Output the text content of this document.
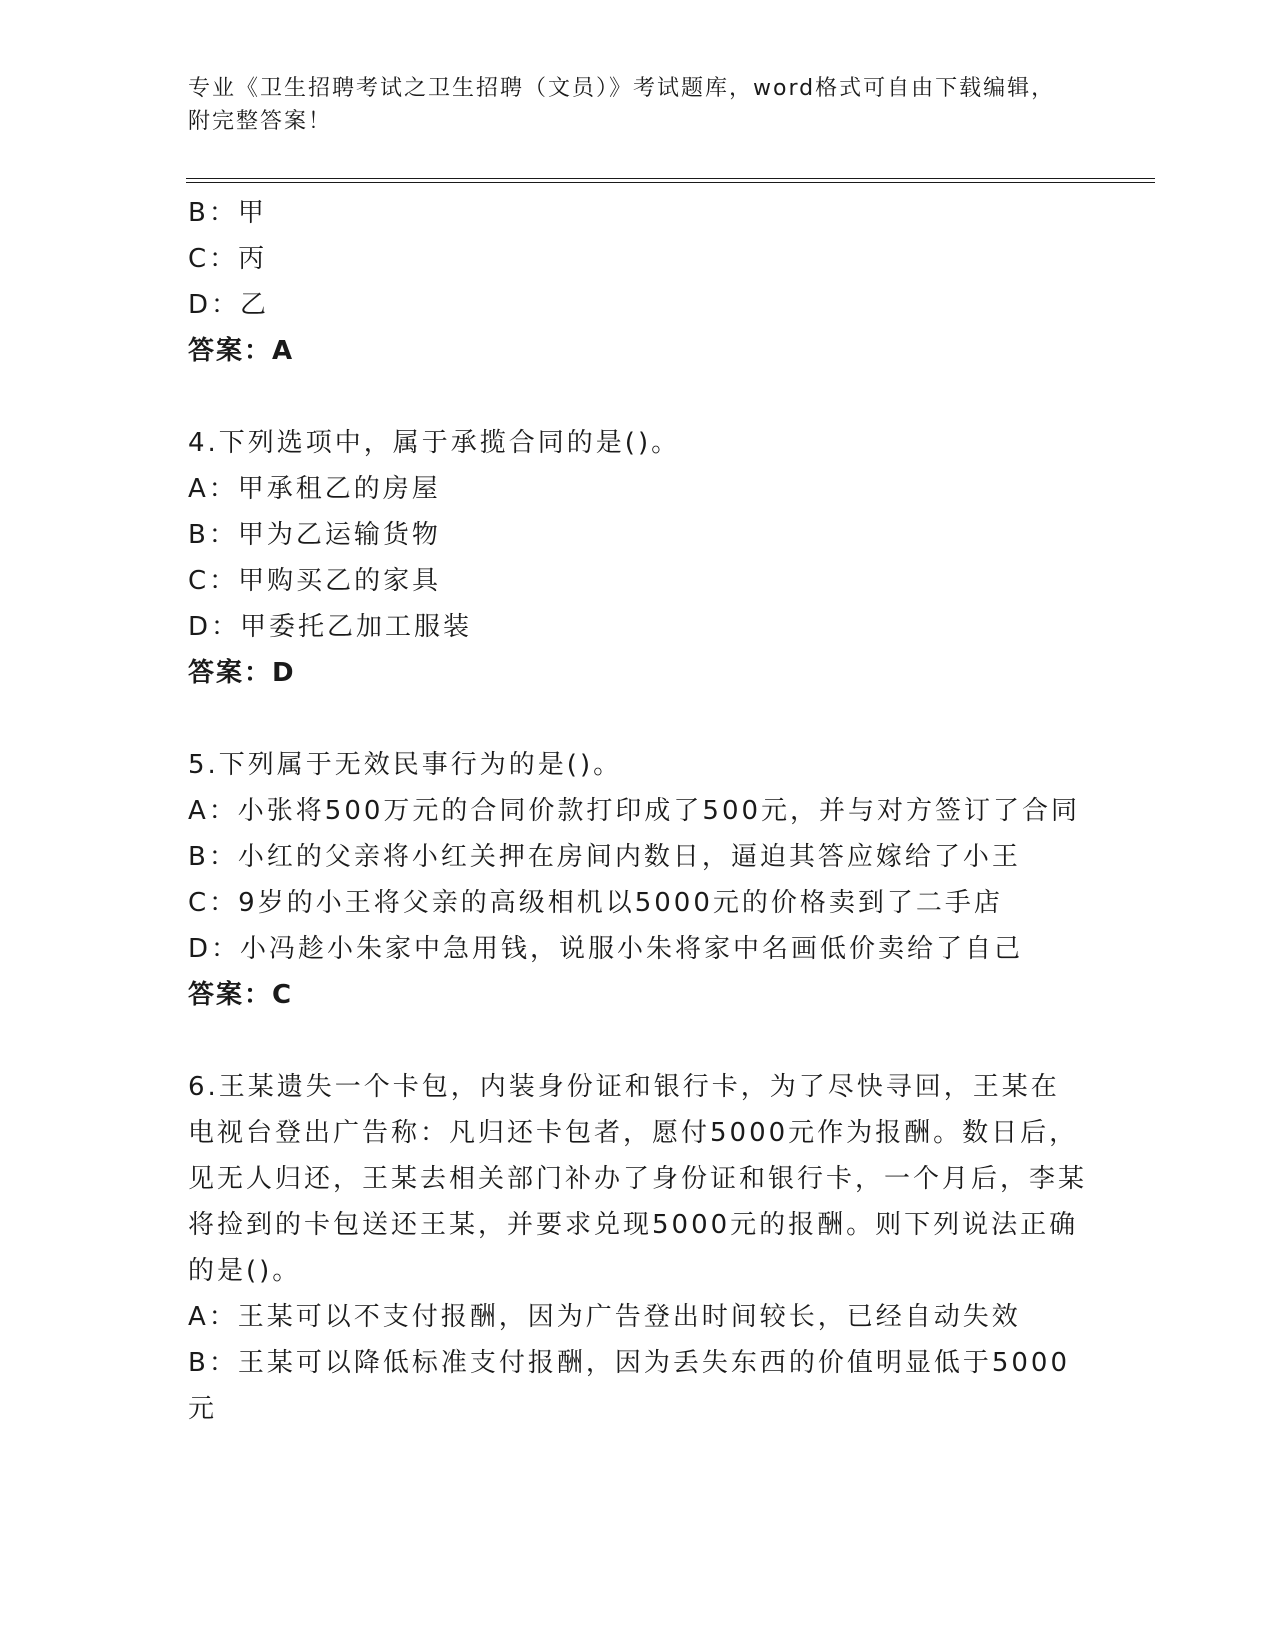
专业《卫生招聘考试之卫生招聘（文员）》考试题库，word格式可自由下载编辑，附完整答案！
B：甲
C：丙
D：乙
答案：A
4.下列选项中，属于承揽合同的是()。
A：甲承租乙的房屋
B：甲为乙运输货物
C：甲购买乙的家具
D：甲委托乙加工服装
答案：D
5.下列属于无效民事行为的是()。
A：小张将500万元的合同价款打印成了500元，并与对方签订了合同
B：小红的父亲将小红关押在房间内数日，逼迫其答应嫁给了小王
C：9岁的小王将父亲的高级相机以5000元的价格卖到了二手店
D：小冯趁小朱家中急用钱，说服小朱将家中名画低价卖给了自己
答案：C
6.王某遗失一个卡包，内装身份证和银行卡，为了尽快寻回，王某在电视台登出广告称：凡归还卡包者，愿付5000元作为报酬。数日后，见无人归还，王某去相关部门补办了身份证和银行卡，一个月后，李某将捡到的卡包送还王某，并要求兑现5000元的报酬。则下列说法正确的是()。
A：王某可以不支付报酬，因为广告登出时间较长，已经自动失效
B：王某可以降低标准支付报酬，因为丢失东西的价值明显低于5000元
